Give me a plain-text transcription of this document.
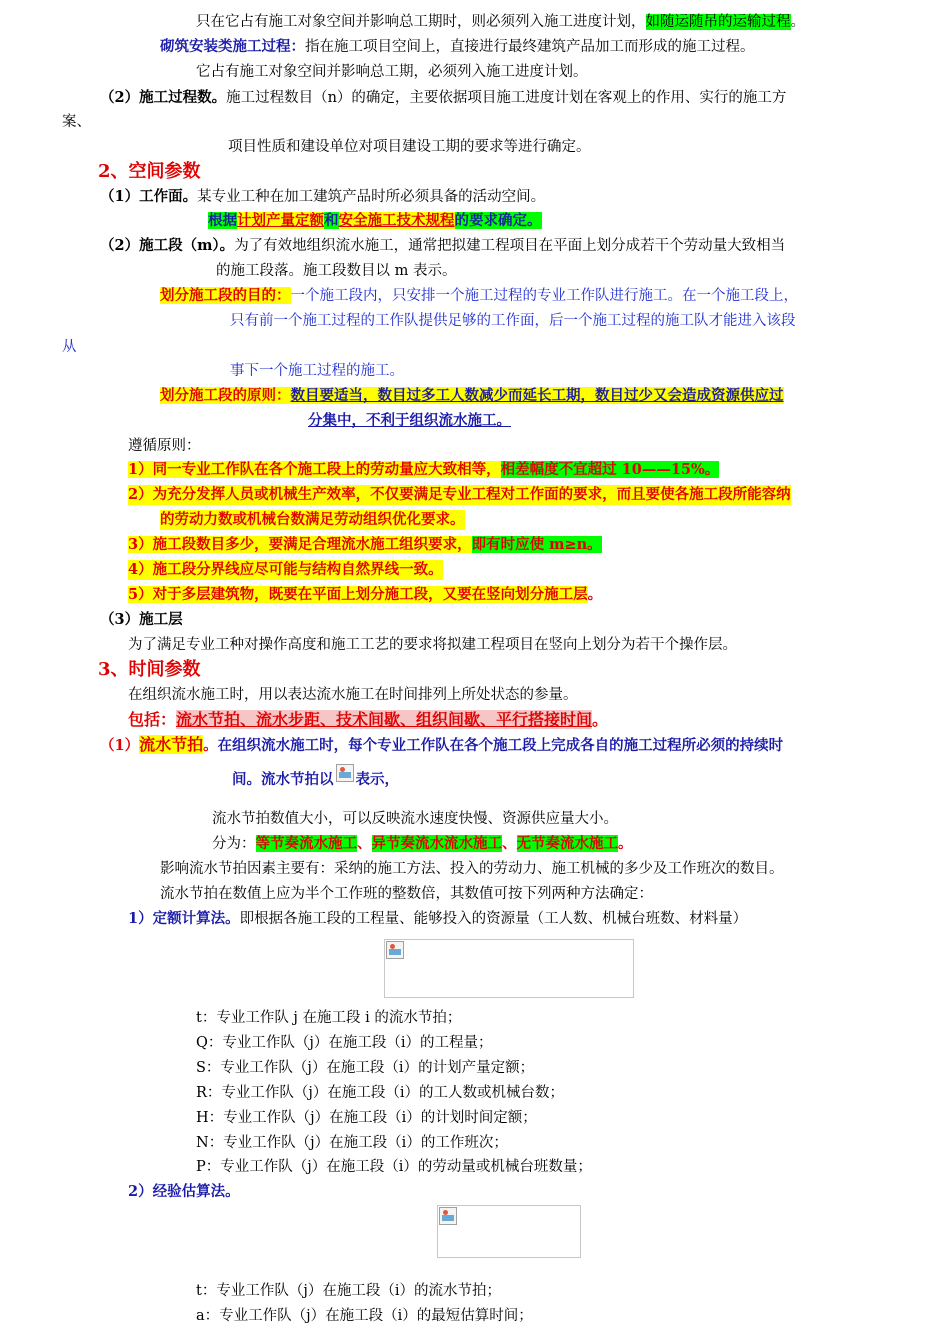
只在它占有施工对象空间并影响总工期时，则必须列入施工进度计划，如随运随吊的运输过程。
砌筑安装类施工过程：指在施工项目空间上，直接进行最终建筑产品加工而形成的施工过程。
它占有施工对象空间并影响总工期，必须列入施工进度计划。
（2）施工过程数。施工过程数目（n）的确定，主要依据项目施工进度计划在客观上的作用、实行的施工方
案、
项目性质和建设单位对项目建设工期的要求等进行确定。
2、空间参数
（1）工作面。某专业工种在加工建筑产品时所必须具备的活动空间。
根据计划产量定额和安全施工技术规程的要求确定。
（2）施工段（m）。为了有效地组织流水施工，通常把拟建工程项目在平面上划分成若干个劳动量大致相当
的施工段落。施工段数目以 m 表示。
划分施工段的目的：一个施工段内，只安排一个施工过程的专业工作队进行施工。在一个施工段上，
只有前一个施工过程的工作队提供足够的工作面，后一个施工过程的施工队才能进入该段
从
事下一个施工过程的施工。
划分施工段的原则：数目要适当，数目过多工人数减少而延长工期，数目过少又会造成资源供应过
分集中，不利于组织流水施工。
遵循原则：
1）同一专业工作队在各个施工段上的劳动量应大致相等，相差幅度不宜超过 10——15%。
2）为充分发挥人员或机械生产效率，不仅要满足专业工程对工作面的要求，而且要使各施工段所能容纳
的劳动力数或机械台数满足劳动组织优化要求。
3）施工段数目多少，要满足合理流水施工组织要求，即有时应使 m≥n。
4）施工段分界线应尽可能与结构自然界线一致。
5）对于多层建筑物，既要在平面上划分施工段，又要在竖向划分施工层。
（3）施工层
为了满足专业工种对操作高度和施工工艺的要求将拟建工程项目在竖向上划分为若干个操作层。
3、时间参数
在组织流水施工时，用以表达流水施工在时间排列上所处状态的参量。
包括：流水节拍、流水步距、技术间歇、组织间歇、平行搭接时间。
（1）流水节拍。在组织流水施工时，每个专业工作队在各个施工段上完成各自的施工过程所必须的持续时
间。流水节拍以 表示，
流水节拍数值大小，可以反映流水速度快慢、资源供应量大小。
分为：等节奏流水施工、异节奏流水流水施工、无节奏流水施工。
影响流水节拍因素主要有：采纳的施工方法、投入的劳动力、施工机械的多少及工作班次的数目。
流水节拍在数值上应为半个工作班的整数倍，其数值可按下列两种方法确定：
1）定额计算法。即根据各施工段的工程量、能够投入的资源量（工人数、机械台班数、材料量）
t：专业工作队 j 在施工段 i 的流水节拍；
Q：专业工作队（j）在施工段（i）的工程量；
S：专业工作队（j）在施工段（i）的计划产量定额；
R：专业工作队（j）在施工段（i）的工人数或机械台数；
H：专业工作队（j）在施工段（i）的计划时间定额；
N：专业工作队（j）在施工段（i）的工作班次；
P：专业工作队（j）在施工段（i）的劳动量或机械台班数量；
2）经验估算法。
t：专业工作队（j）在施工段（i）的流水节拍；
a：专业工作队（j）在施工段（i）的最短估算时间；
